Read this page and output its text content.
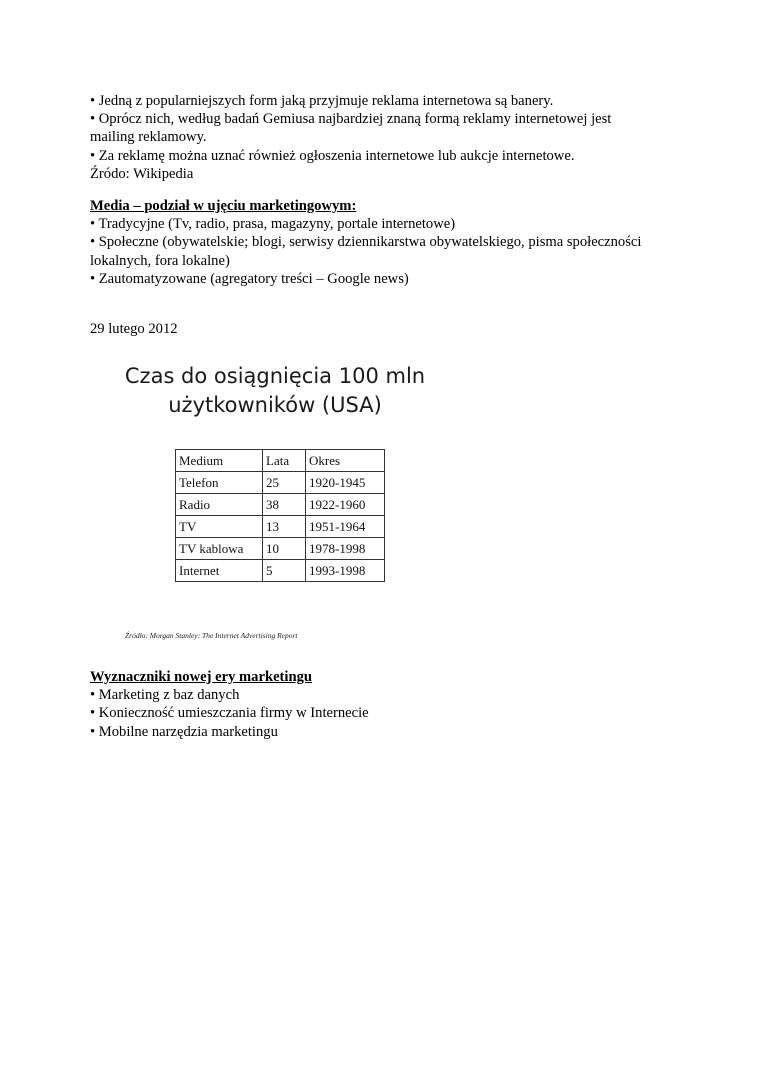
• Jedną z popularniejszych form jaką przyjmuje reklama internetowa są banery.
• Oprócz nich, według badań Gemiusa najbardziej znaną formą reklamy internetowej jest
mailing reklamowy.
• Za reklamę można uznać również ogłoszenia internetowe lub aukcje internetowe.
Źródo: Wikipedia
Media – podział w ujęciu marketingowym:
• Tradycyjne (Tv, radio, prasa, magazyny, portale internetowe)
• Społeczne (obywatelskie; blogi, serwisy dziennikarstwa obywatelskiego, pisma społeczności
lokalnych, fora lokalne)
• Zautomatyzowane (agregatory treści – Google news)
29 lutego 2012
Czas do osiągnięcia 100 mln
użytkowników (USA)
Medium	Lata	Okres
Telefon	25	1920-1945
Radio	38	1922-1960
TV	13	1951-1964
TV kablowa	10	1978-1998
Internet	5	1993-1998
Źródło: Morgan Stanley: The Internet Advertising Report
Wyznaczniki nowej ery marketingu
• Marketing z baz danych
• Konieczność umieszczania firmy w Internecie
• Mobilne narzędzia marketingu
